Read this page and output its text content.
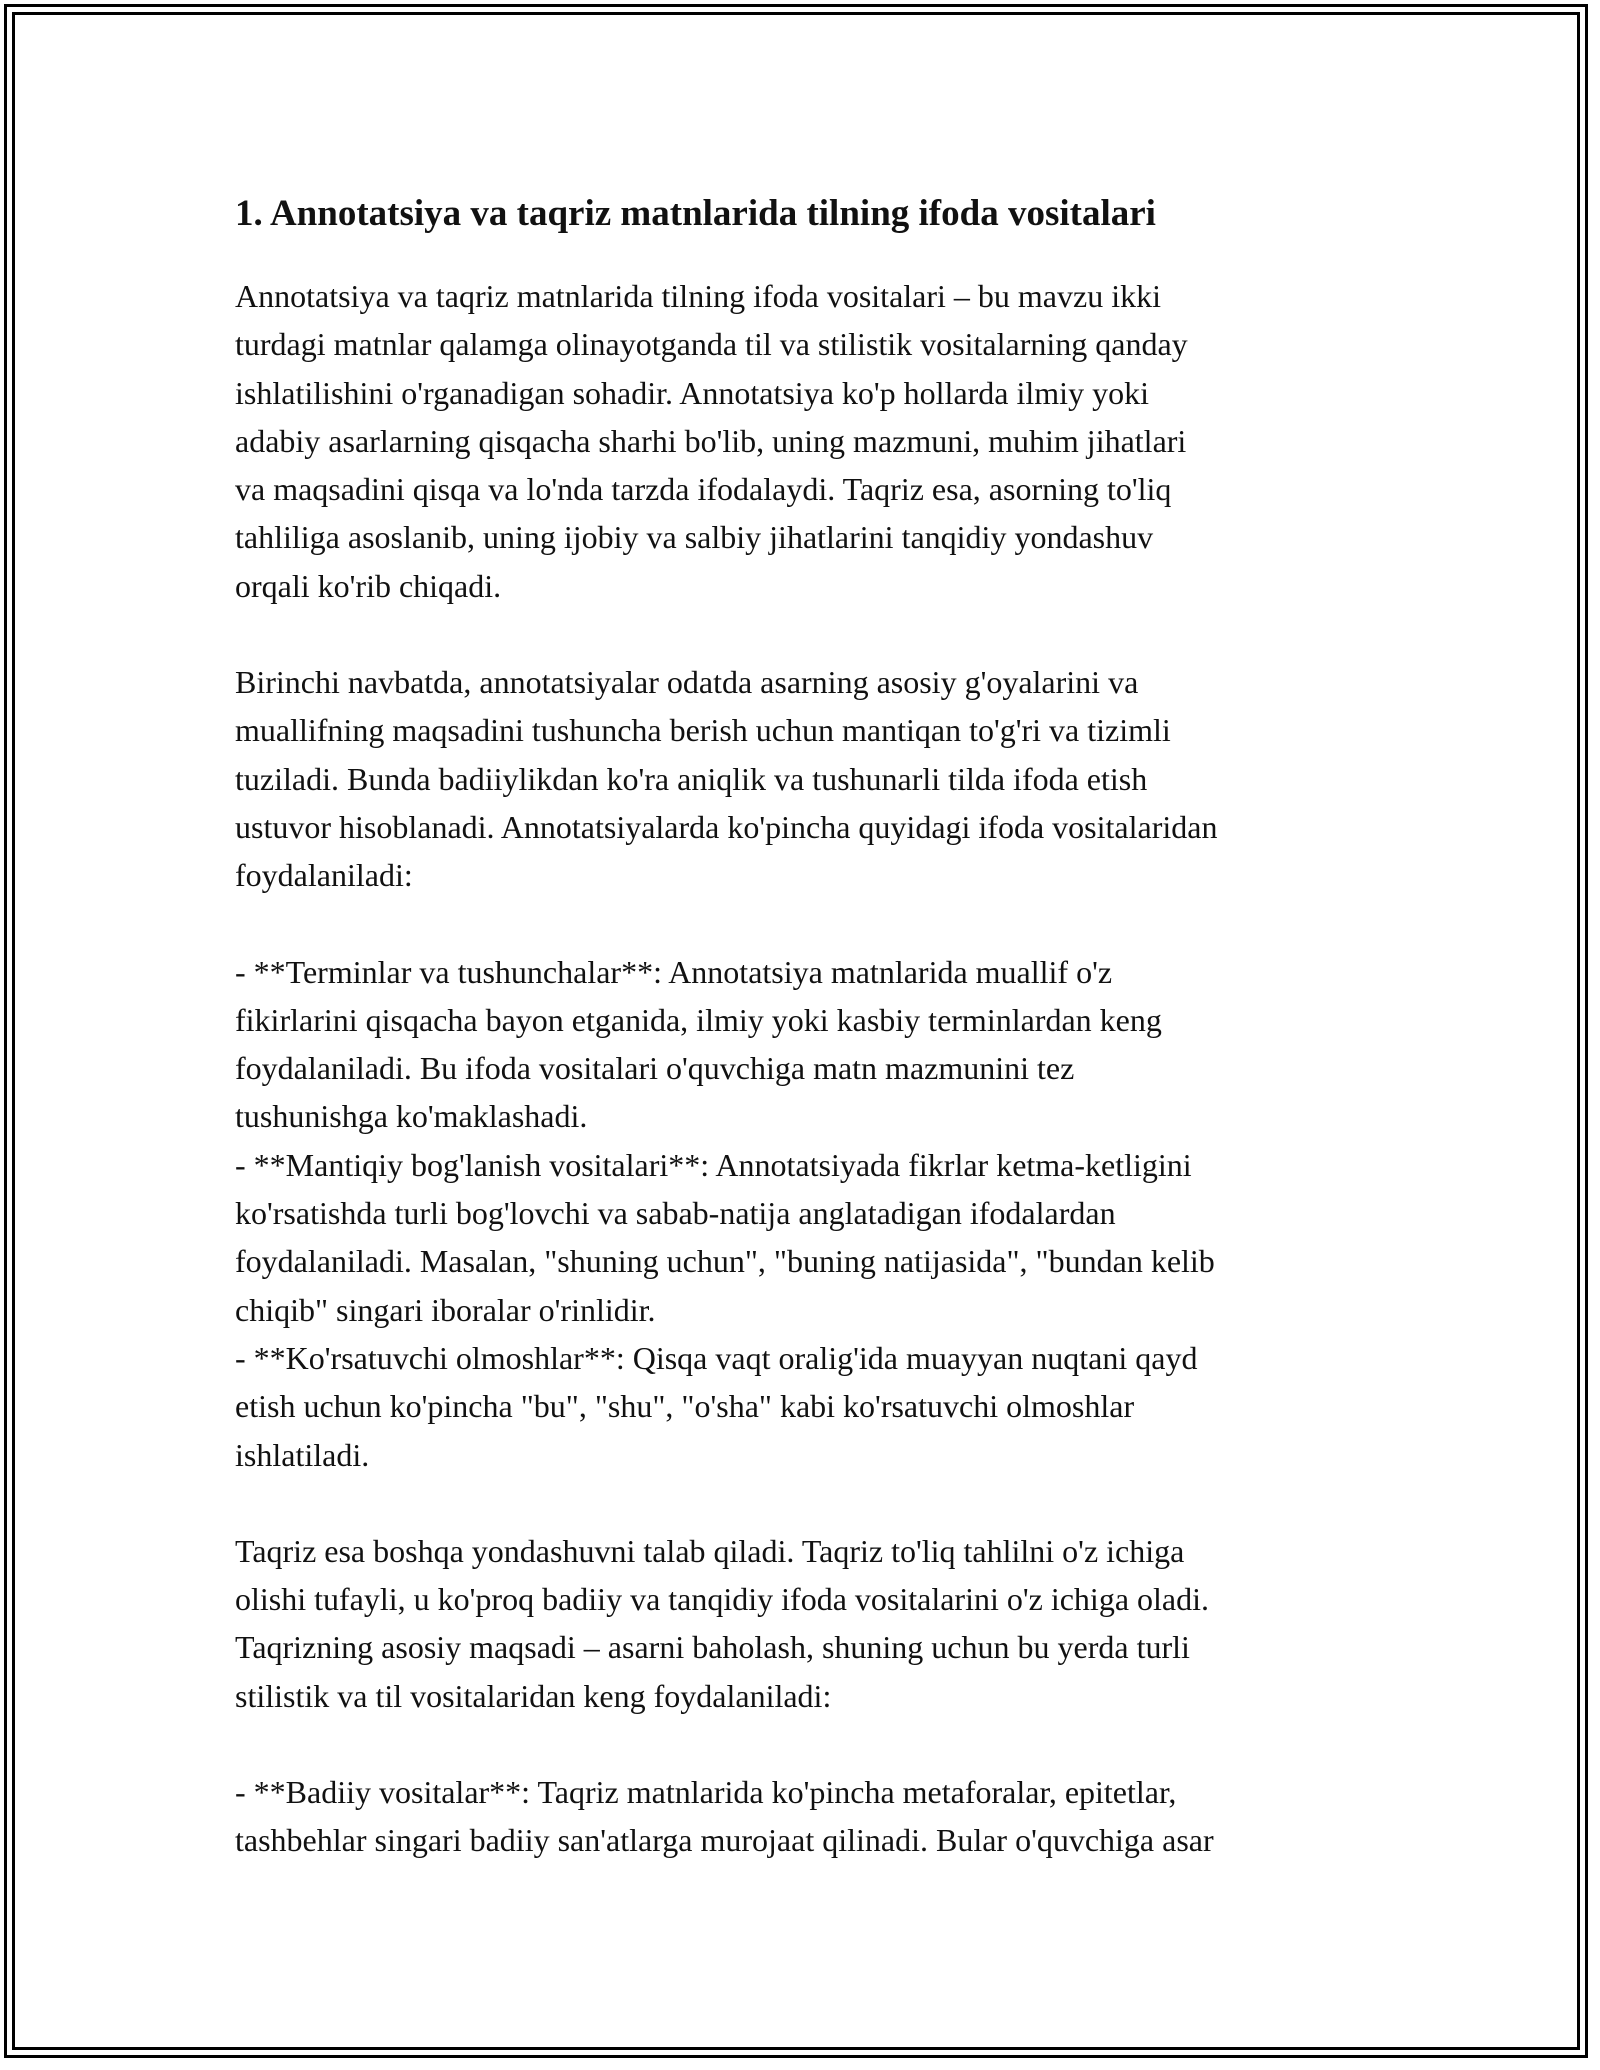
1. Annotatsiya va taqriz matnlarida tilning ifoda vositalari

Annotatsiya va taqriz matnlarida tilning ifoda vositalari – bu mavzu ikki
turdagi matnlar qalamga olinayotganda til va stilistik vositalarning qanday
ishlatilishini o'rganadigan sohadir. Annotatsiya ko'p hollarda ilmiy yoki
adabiy asarlarning qisqacha sharhi bo'lib, uning mazmuni, muhim jihatlari
va maqsadini qisqa va lo'nda tarzda ifodalaydi. Taqriz esa, asorning to'liq
tahliliga asoslanib, uning ijobiy va salbiy jihatlarini tanqidiy yondashuv
orqali ko'rib chiqadi.

Birinchi navbatda, annotatsiyalar odatda asarning asosiy g'oyalarini va
muallifning maqsadini tushuncha berish uchun mantiqan to'g'ri va tizimli
tuziladi. Bunda badiiylikdan ko'ra aniqlik va tushunarli tilda ifoda etish
ustuvor hisoblanadi. Annotatsiyalarda ko'pincha quyidagi ifoda vositalaridan
foydalaniladi:

- **Terminlar va tushunchalar**: Annotatsiya matnlarida muallif o'z
fikirlarini qisqacha bayon etganida, ilmiy yoki kasbiy terminlardan keng
foydalaniladi. Bu ifoda vositalari o'quvchiga matn mazmunini tez
tushunishga ko'maklashadi.
- **Mantiqiy bog'lanish vositalari**: Annotatsiyada fikrlar ketma-ketligini
ko'rsatishda turli bog'lovchi va sabab-natija anglatadigan ifodalardan
foydalaniladi. Masalan, "shuning uchun", "buning natijasida", "bundan kelib
chiqib" singari iboralar o'rinlidir.
- **Ko'rsatuvchi olmoshlar**: Qisqa vaqt oralig'ida muayyan nuqtani qayd
etish uchun ko'pincha "bu", "shu", "o'sha" kabi ko'rsatuvchi olmoshlar
ishlatiladi.

Taqriz esa boshqa yondashuvni talab qiladi. Taqriz to'liq tahlilni o'z ichiga
olishi tufayli, u ko'proq badiiy va tanqidiy ifoda vositalarini o'z ichiga oladi.
Taqrizning asosiy maqsadi – asarni baholash, shuning uchun bu yerda turli
stilistik va til vositalaridan keng foydalaniladi:

- **Badiiy vositalar**: Taqriz matnlarida ko'pincha metaforalar, epitetlar,
tashbehlar singari badiiy san'atlarga murojaat qilinadi. Bular o'quvchiga asar
